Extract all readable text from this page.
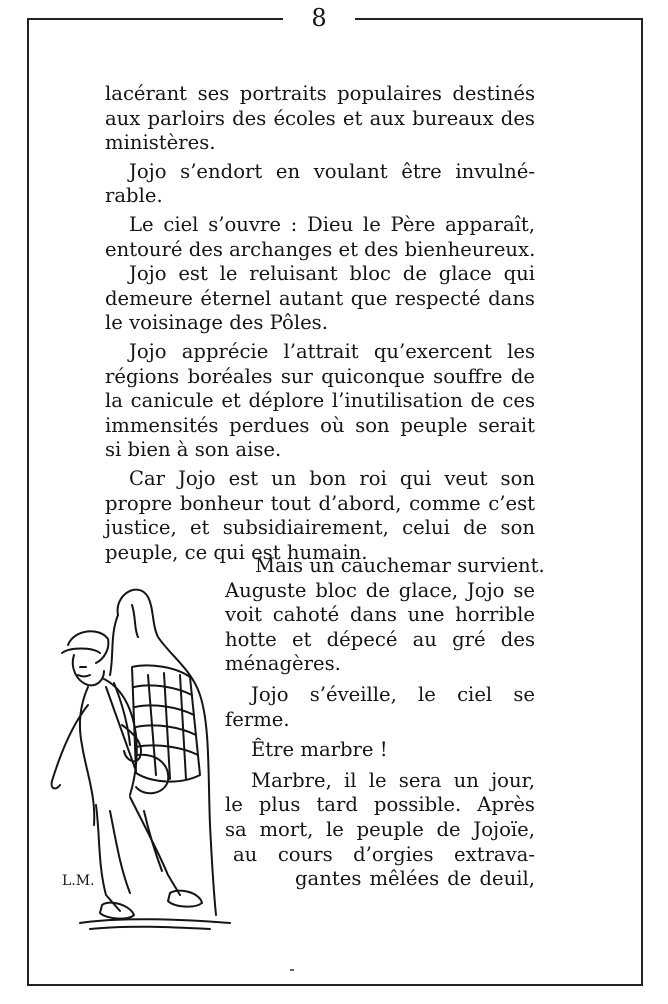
8
lacérant ses portraits populaires destinés
aux parloirs des écoles et aux bureaux des
ministères.
Jojo s’endort en voulant être invulné-
rable.
Le ciel s’ouvre : Dieu le Père apparaît,
entouré des archanges et des bienheureux.
Jojo est le reluisant bloc de glace qui
demeure éternel autant que respecté dans
le voisinage des Pôles.
Jojo apprécie l’attrait qu’exercent les
régions boréales sur quiconque souffre de
la canicule et déplore l’inutilisation de ces
immensités perdues où son peuple serait
si bien à son aise.
Car Jojo est un bon roi qui veut son
propre bonheur tout d’abord, comme c’est
justice, et subsidiairement, celui de son
peuple, ce qui est humain.
Mais un cauchemar survient.
Auguste bloc de glace, Jojo se
voit cahoté dans une horrible
hotte et dépecé au gré des
ménagères.
Jojo s’éveille, le ciel se
ferme.
Être marbre !
Marbre, il le sera un jour,
le plus tard possible. Après
sa mort, le peuple de Jojoïe,
au cours d’orgies extrava-
gantes mêlées de deuil,
L.M.
